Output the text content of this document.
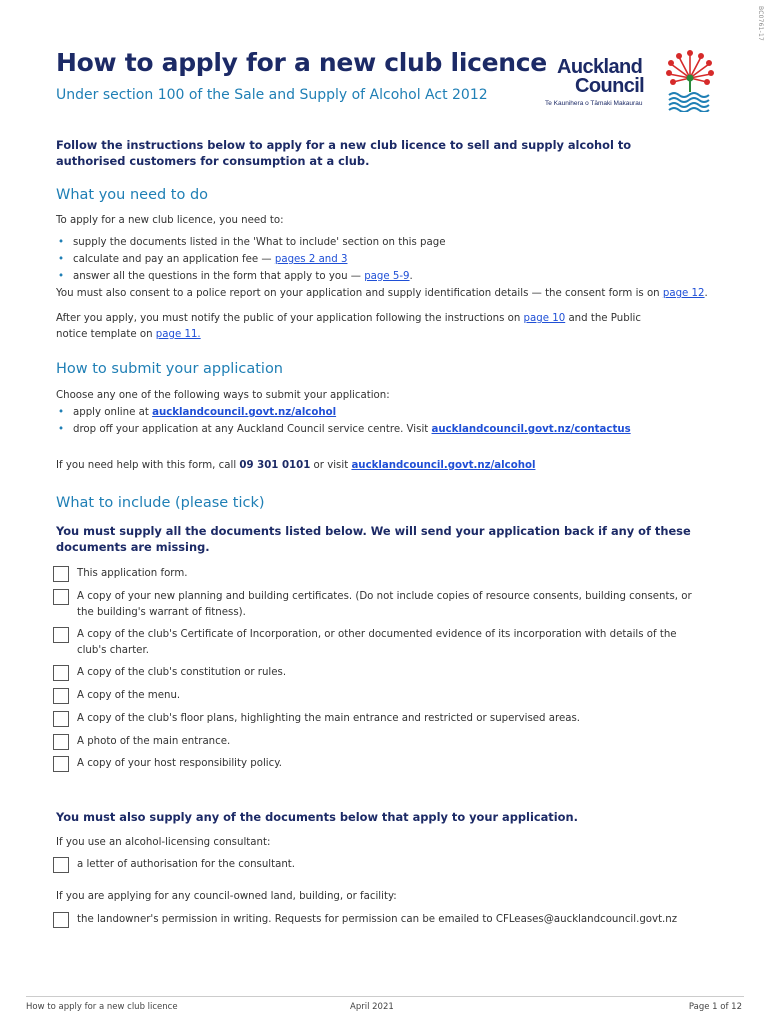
BC0761-17
How to apply for a new club licence
Under section 100 of the Sale and Supply of Alcohol Act 2012
Auckland
Council
Te Kaunihera o Tāmaki Makaurau
Follow the instructions below to apply for a new club licence to sell and supply alcohol to authorised customers for consumption at a club.
What you need to do
To apply for a new club licence, you need to:
• supply the documents listed in the 'What to include' section on this page
• calculate and pay an application fee — pages 2 and 3
• answer all the questions in the form that apply to you — page 5-9.
You must also consent to a police report on your application and supply identification details — the consent form is on page 12.
After you apply, you must notify the public of your application following the instructions on page 10 and the Public notice template on page 11.
How to submit your application
Choose any one of the following ways to submit your application:
• apply online at aucklandcouncil.govt.nz/alcohol
• drop off your application at any Auckland Council service centre. Visit aucklandcouncil.govt.nz/contactus
If you need help with this form, call 09 301 0101 or visit aucklandcouncil.govt.nz/alcohol
What to include (please tick)
You must supply all the documents listed below. We will send your application back if any of these documents are missing.
This application form.
A copy of your new planning and building certificates. (Do not include copies of resource consents, building consents, or the building's warrant of fitness).
A copy of the club's Certificate of Incorporation, or other documented evidence of its incorporation with details of the club's charter.
A copy of the club's constitution or rules.
A copy of the menu.
A copy of the club's floor plans, highlighting the main entrance and restricted or supervised areas.
A photo of the main entrance.
A copy of your host responsibility policy.
You must also supply any of the documents below that apply to your application.
If you use an alcohol-licensing consultant:
a letter of authorisation for the consultant.
If you are applying for any council-owned land, building, or facility:
the landowner's permission in writing. Requests for permission can be emailed to CFLeases@aucklandcouncil.govt.nz
How to apply for a new club licence	April 2021	Page 1 of 12
